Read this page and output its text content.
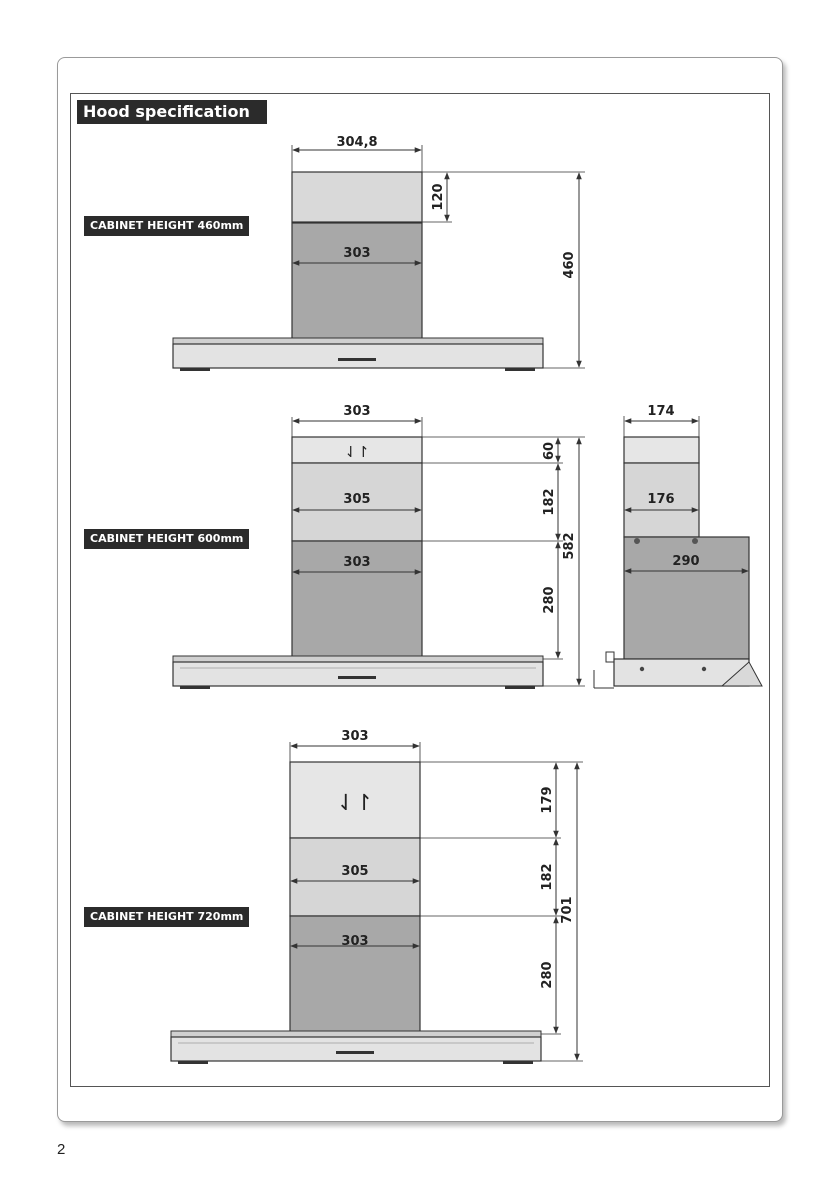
Hood specification
CABINET HEIGHT 460mm
CABINET HEIGHT 600mm
CABINET HEIGHT 720mm
304,8
303
120
460
⇃↾
303
305
303
60
182
280
582
174
176
290
⇃↾
303
305
303
179
182
280
701
2
